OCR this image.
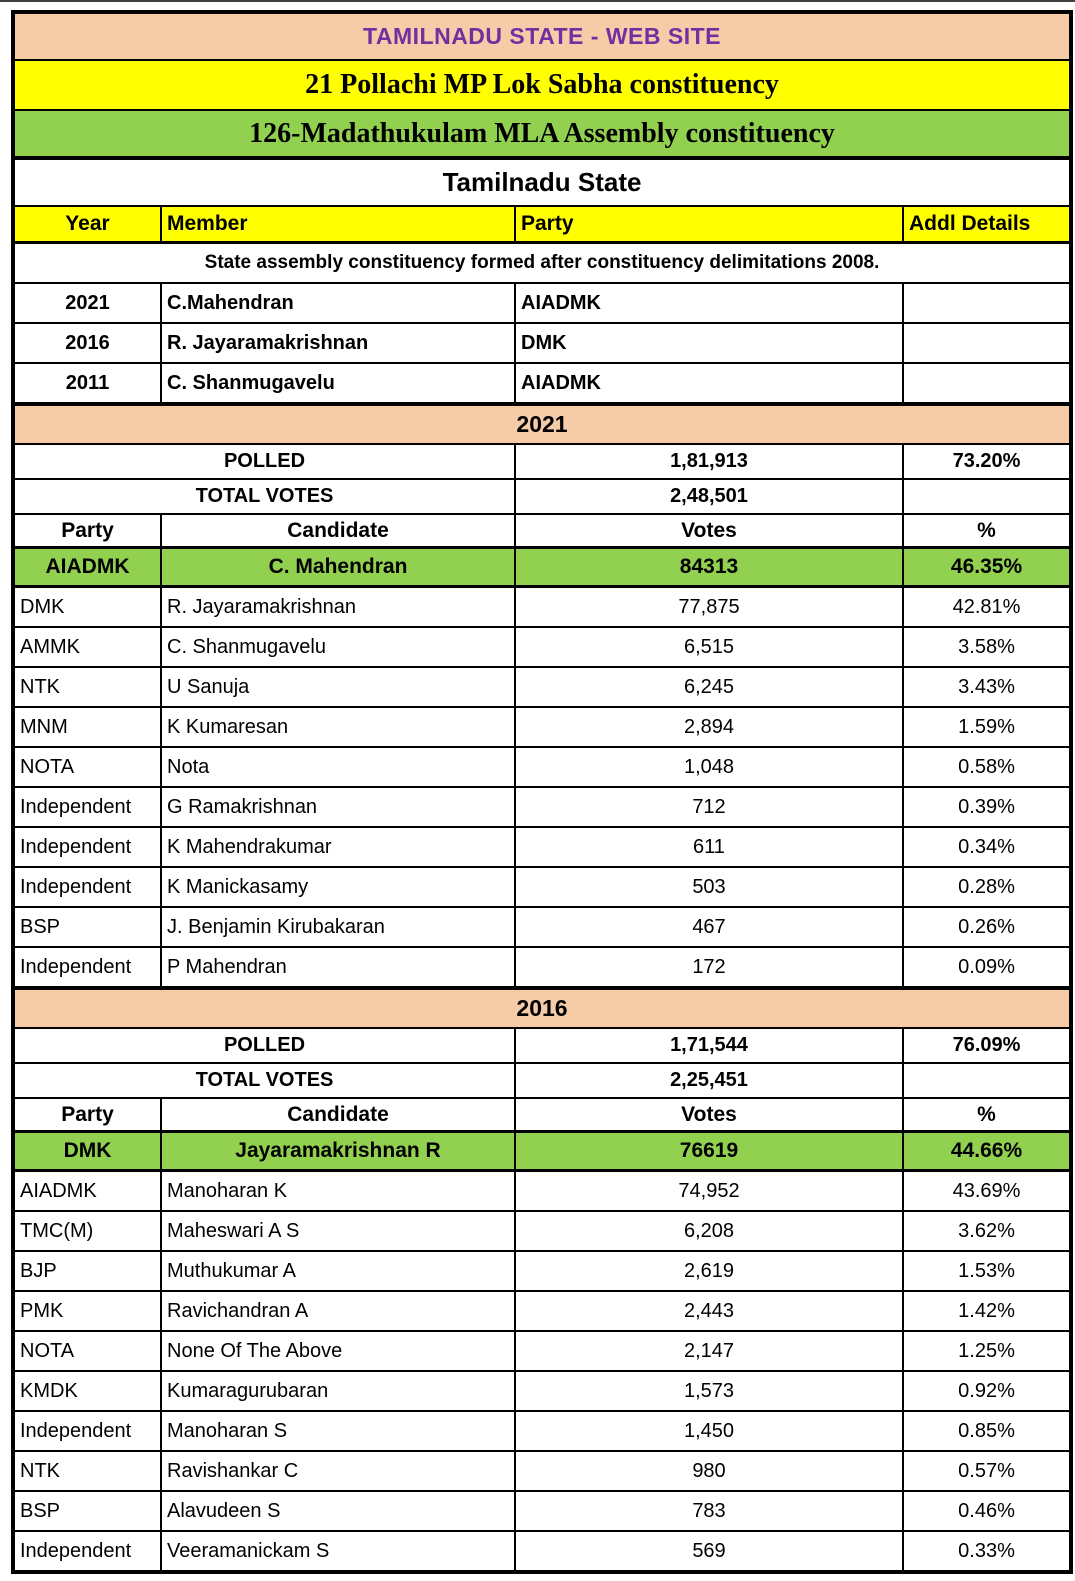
TAMILNADU STATE - WEB SITE			
21 Pollachi MP Lok Sabha constituency			
126-Madathukulam MLA Assembly constituency			
Tamilnadu State			
Year	Member	Party	Addl Details
State assembly constituency formed after constituency delimitations 2008.			
2021	C.Mahendran	AIADMK	
2016	R. Jayaramakrishnan	DMK	
2011	C. Shanmugavelu	AIADMK	
2021			
POLLED		1,81,913	73.20%
TOTAL VOTES		2,48,501	
Party	Candidate	Votes	%
AIADMK	C. Mahendran	84313	46.35%
DMK	R. Jayaramakrishnan	77,875	42.81%
AMMK	C. Shanmugavelu	6,515	3.58%
NTK	U Sanuja	6,245	3.43%
MNM	K Kumaresan	2,894	1.59%
NOTA	Nota	1,048	0.58%
Independent	G Ramakrishnan	712	0.39%
Independent	K Mahendrakumar	611	0.34%
Independent	K Manickasamy	503	0.28%
BSP	J. Benjamin Kirubakaran	467	0.26%
Independent	P Mahendran	172	0.09%
2016			
POLLED		1,71,544	76.09%
TOTAL VOTES		2,25,451	
Party	Candidate	Votes	%
DMK	Jayaramakrishnan R	76619	44.66%
AIADMK	Manoharan K	74,952	43.69%
TMC(M)	Maheswari A S	6,208	3.62%
BJP	Muthukumar A	2,619	1.53%
PMK	Ravichandran A	2,443	1.42%
NOTA	None Of The Above	2,147	1.25%
KMDK	Kumaragurubaran	1,573	0.92%
Independent	Manoharan S	1,450	0.85%
NTK	Ravishankar C	980	0.57%
BSP	Alavudeen S	783	0.46%
Independent	Veeramanickam S	569	0.33%
